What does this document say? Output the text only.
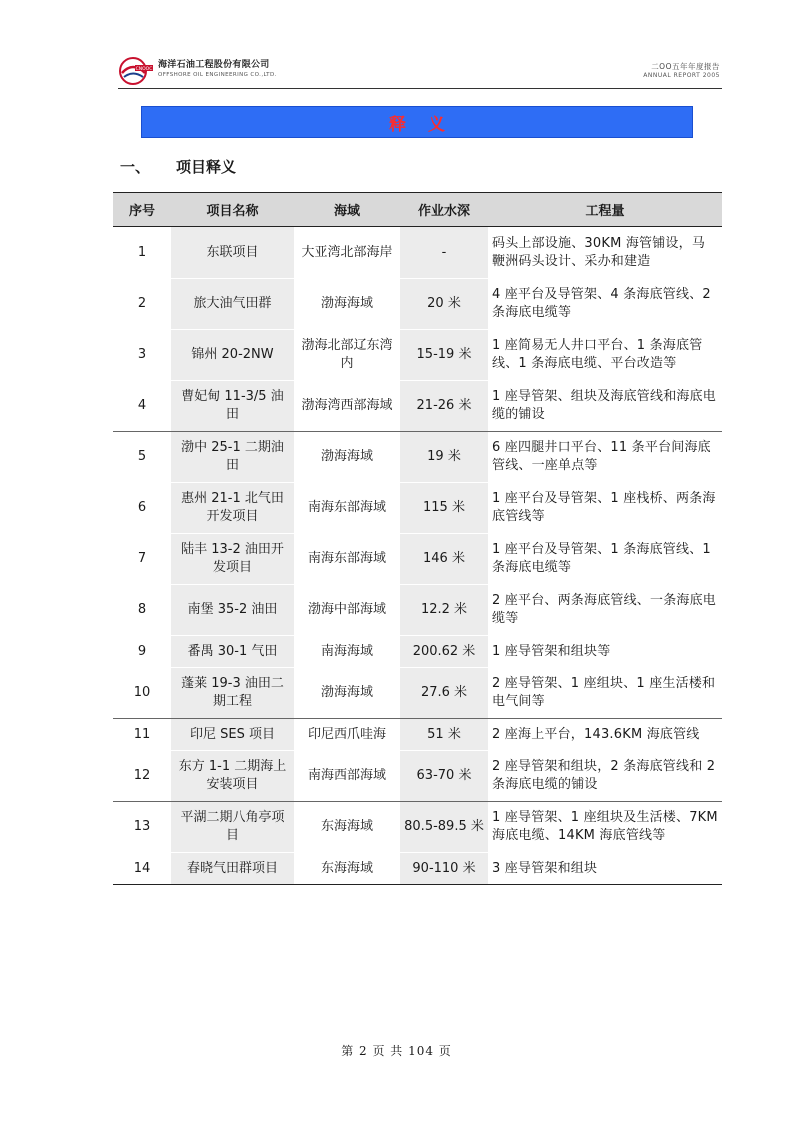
CNOOC 海洋石油工程股份有限公司
OFFSHORE OIL ENGINEERING CO.,LTD.
二OO五年年度报告
ANNUAL REPORT 2005
释义
一、 项目释义
序号	项目名称	海域	作业水深	工程量
1	东联项目	大亚湾北部海岸	-	码头上部设施、30KM 海管铺设，马鞭洲码头设计、采办和建造
2	旅大油气田群	渤海海域	20 米	4 座平台及导管架、4 条海底管线、2 条海底电缆等
3	锦州 20-2NW	渤海北部辽东湾内	15-19 米	1 座简易无人井口平台、1 条海底管线、1 条海底电缆、平台改造等
4	曹妃甸 11-3/5 油田	渤海湾西部海域	21-26 米	1 座导管架、组块及海底管线和海底电缆的铺设
5	渤中 25-1 二期油田	渤海海域	19 米	6 座四腿井口平台、11 条平台间海底管线、一座单点等
6	惠州 21-1 北气田开发项目	南海东部海域	115 米	1 座平台及导管架、1 座栈桥、两条海底管线等
7	陆丰 13-2 油田开发项目	南海东部海域	146 米	1 座平台及导管架、1 条海底管线、1 条海底电缆等
8	南堡 35-2 油田	渤海中部海域	12.2 米	2 座平台、两条海底管线、一条海底电缆等
9	番禺 30-1 气田	南海海域	200.62 米	1 座导管架和组块等
10	蓬莱 19-3 油田二期工程	渤海海域	27.6 米	2 座导管架、1 座组块、1 座生活楼和电气间等
11	印尼 SES 项目	印尼西爪哇海	51 米	2 座海上平台，143.6KM 海底管线
12	东方 1-1 二期海上安装项目	南海西部海域	63-70 米	2 座导管架和组块，2 条海底管线和 2 条海底电缆的铺设
13	平湖二期八角亭项目	东海海域	80.5-89.5 米	1 座导管架、1 座组块及生活楼、7KM 海底电缆、14KM 海底管线等
14	春晓气田群项目	东海海域	90-110 米	3 座导管架和组块
第 2 页 共 104 页
